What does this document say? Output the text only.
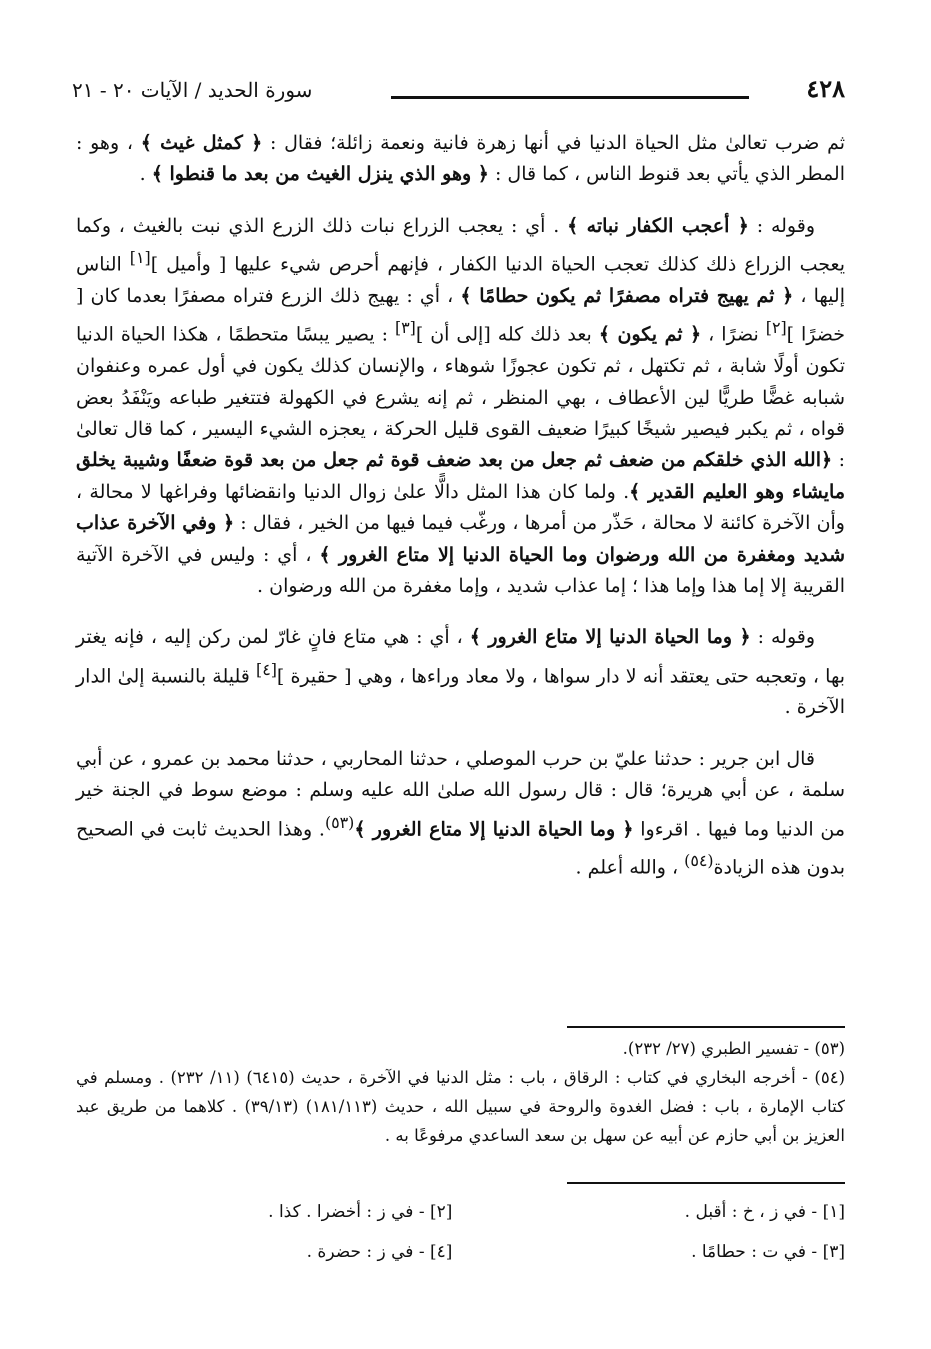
٤٢٨
سورة الحديد / الآيات ٢٠ - ٢١

ثم ضرب تعالىٰ مثل الحياة الدنيا في أنها زهرة فانية ونعمة زائلة؛ فقال : ﴿ كمثل غيث ﴾ ، وهو : المطر الذي يأتي بعد قنوط الناس ، كما قال : ﴿ وهو الذي ينزل الغيث من بعد ما قنطوا ﴾ .

وقوله : ﴿ أعجب الكفار نباته ﴾ . أي : يعجب الزراع نبات ذلك الزرع الذي نبت بالغيث ، وكما يعجب الزراع ذلك كذلك تعجب الحياة الدنيا الكفار ، فإنهم أحرص شيء عليها [ وأميل ][١] الناس إليها ، ﴿ ثم يهيج فتراه مصفرًا ثم يكون حطامًا ﴾ ، أي : يهيج ذلك الزرع فتراه مصفرًا بعدما كان [ خضرًا ][٢] نضرًا ، ﴿ ثم يكون ﴾ بعد ذلك كله [إلى أن ][٣] : يصير يبسًا متحطمًا ، هكذا الحياة الدنيا تكون أولًا شابة ، ثم تكتهل ، ثم تكون عجوزًا شوهاء ، والإنسان كذلك يكون في أول عمره وعنفوان شبابه غضًّا طريًّا لين الأعطاف ، بهي المنظر ، ثم إنه يشرع في الكهولة فتتغير طباعه ويَنْفَدُ بعض قواه ، ثم يكبر فيصير شيخًا كبيرًا ضعيف القوى قليل الحركة ، يعجزه الشيء اليسير ، كما قال تعالىٰ : ﴿الله الذي خلقكم من ضعف ثم جعل من بعد ضعف قوة ثم جعل من بعد قوة ضعفًا وشيبة يخلق مايشاء وهو العليم القدير ﴾. ولما كان هذا المثل دالًّا علىٰ زوال الدنيا وانقضائها وفراغها لا محالة ، وأن الآخرة كائنة لا محالة ، حَذّر من أمرها ، ورغّب فيما فيها من الخير ، فقال : ﴿ وفي الآخرة عذاب شديد ومغفرة من الله ورضوان وما الحياة الدنيا إلا متاع الغرور ﴾ ، أي : وليس في الآخرة الآتية القريبة إلا إما هذا وإما هذا ؛ إما عذاب شديد ، وإما مغفرة من الله ورضوان .

وقوله : ﴿ وما الحياة الدنيا إلا متاع الغرور ﴾ ، أي : هي متاع فانٍ غارّ لمن ركن إليه ، فإنه يغتر بها ، وتعجبه حتى يعتقد أنه لا دار سواها ، ولا معاد وراءها ، وهي [ حقيرة ][٤] قليلة بالنسبة إلىٰ الدار الآخرة .

قال ابن جرير : حدثنا عليّ بن حرب الموصلي ، حدثنا المحاربي ، حدثنا محمد بن عمرو ، عن أبي سلمة ، عن أبي هريرة؛ قال : قال رسول الله صلىٰ الله عليه وسلم : موضع سوط في الجنة خير من الدنيا وما فيها . اقرءوا ﴿ وما الحياة الدنيا إلا متاع الغرور ﴾$^{(٥٣)}$. وهذا الحديث ثابت في الصحيح بدون هذه الزيادة$^{(٥٤)}$ ، والله أعلم .

(٥٣) - تفسير الطبري (٢٧/ ٢٣٢).

(٥٤) - أخرجه البخاري في كتاب : الرقاق ، باب : مثل الدنيا في الآخرة ، حديث (٦٤١٥) (١١/ ٢٣٢) . ومسلم في كتاب الإمارة ، باب : فضل الغدوة والروحة في سبيل الله ، حديث (١٨١/١١٣) (٣٩/١٣) . كلاهما من طريق عبد العزيز بن أبي حازم عن أبيه عن سهل بن سعد الساعدي مرفوعًا به .

[١] - في ز ، خ : أقبل .
[٢] - في ز : أخضرا . كذا .
[٣] - في ت : حطامًا .
[٤] - في ز : حضرة .
